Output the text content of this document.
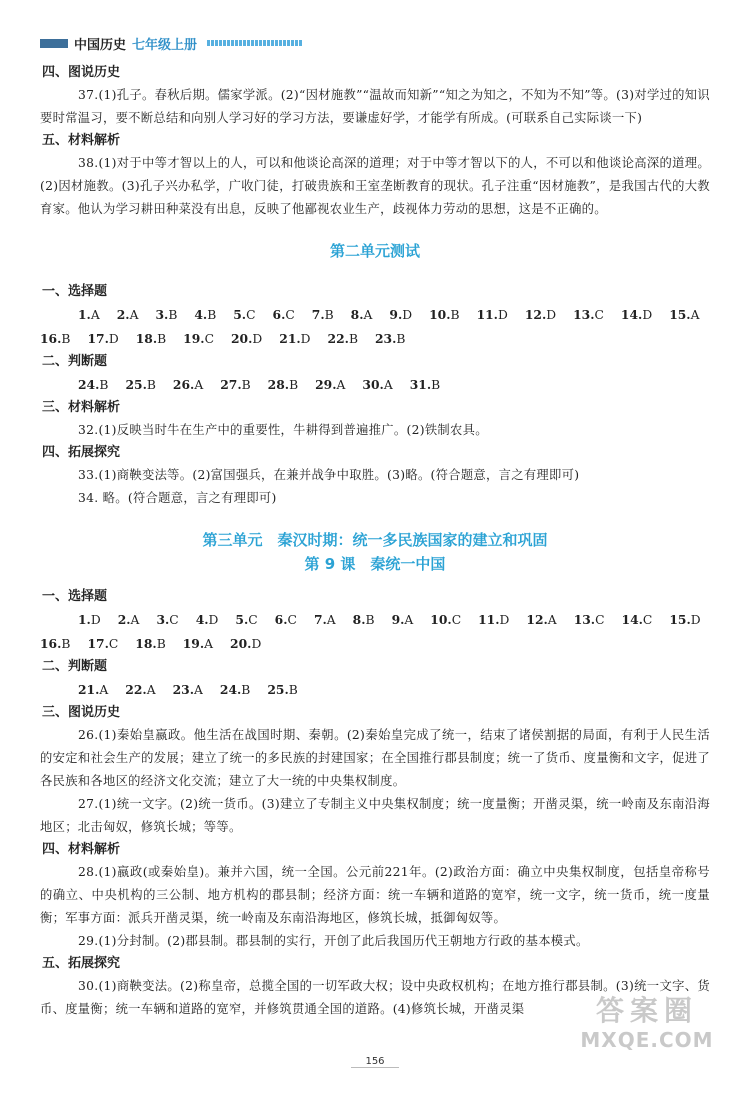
中国历史 七年级上册
四、图说历史
37.(1)孔子。春秋后期。儒家学派。(2)“因材施教”“温故而知新”“知之为知之，不知为不知”等。(3)对学过的知识要时常温习，要不断总结和向别人学习好的学习方法，要谦虚好学，才能学有所成。(可联系自己实际谈一下)
五、材料解析
38.(1)对于中等才智以上的人，可以和他谈论高深的道理；对于中等才智以下的人，不可以和他谈论高深的道理。(2)因材施教。(3)孔子兴办私学，广收门徒，打破贵族和王室垄断教育的现状。孔子注重“因材施教”，是我国古代的大教育家。他认为学习耕田种菜没有出息，反映了他鄙视农业生产，歧视体力劳动的思想，这是不正确的。
第二单元测试
一、选择题
1.A 2.A 3.B 4.B 5.C 6.C 7.B 8.A 9.D 10.B 11.D 12.D 13.C 14.D 15.A
16.B 17.D 18.B 19.C 20.D 21.D 22.B 23.B
二、判断题
24.B 25.B 26.A 27.B 28.B 29.A 30.A 31.B
三、材料解析
32.(1)反映当时牛在生产中的重要性，牛耕得到普遍推广。(2)铁制农具。
四、拓展探究
33.(1)商鞅变法等。(2)富国强兵，在兼并战争中取胜。(3)略。(符合题意，言之有理即可)
34. 略。(符合题意，言之有理即可)
第三单元　秦汉时期：统一多民族国家的建立和巩固
第 9 课　秦统一中国
一、选择题
1.D 2.A 3.C 4.D 5.C 6.C 7.A 8.B 9.A 10.C 11.D 12.A 13.C 14.C 15.D
16.B 17.C 18.B 19.A 20.D
二、判断题
21.A 22.A 23.A 24.B 25.B
三、图说历史
26.(1)秦始皇嬴政。他生活在战国时期、秦朝。(2)秦始皇完成了统一，结束了诸侯割据的局面，有利于人民生活的安定和社会生产的发展；建立了统一的多民族的封建国家；在全国推行郡县制度；统一了货币、度量衡和文字，促进了各民族和各地区的经济文化交流；建立了大一统的中央集权制度。
27.(1)统一文字。(2)统一货币。(3)建立了专制主义中央集权制度；统一度量衡；开凿灵渠，统一岭南及东南沿海地区；北击匈奴，修筑长城；等等。
四、材料解析
28.(1)嬴政(或秦始皇)。兼并六国，统一全国。公元前221年。(2)政治方面：确立中央集权制度，包括皇帝称号的确立、中央机构的三公制、地方机构的郡县制；经济方面：统一车辆和道路的宽窄，统一文字，统一货币，统一度量衡；军事方面：派兵开凿灵渠，统一岭南及东南沿海地区，修筑长城，抵御匈奴等。
29.(1)分封制。(2)郡县制。郡县制的实行，开创了此后我国历代王朝地方行政的基本模式。
五、拓展探究
30.(1)商鞅变法。(2)称皇帝，总揽全国的一切军政大权；设中央政权机构；在地方推行郡县制。(3)统一文字、货币、度量衡；统一车辆和道路的宽窄，并修筑贯通全国的道路。(4)修筑长城，开凿灵渠
156
答案圈
MXQE.COM
